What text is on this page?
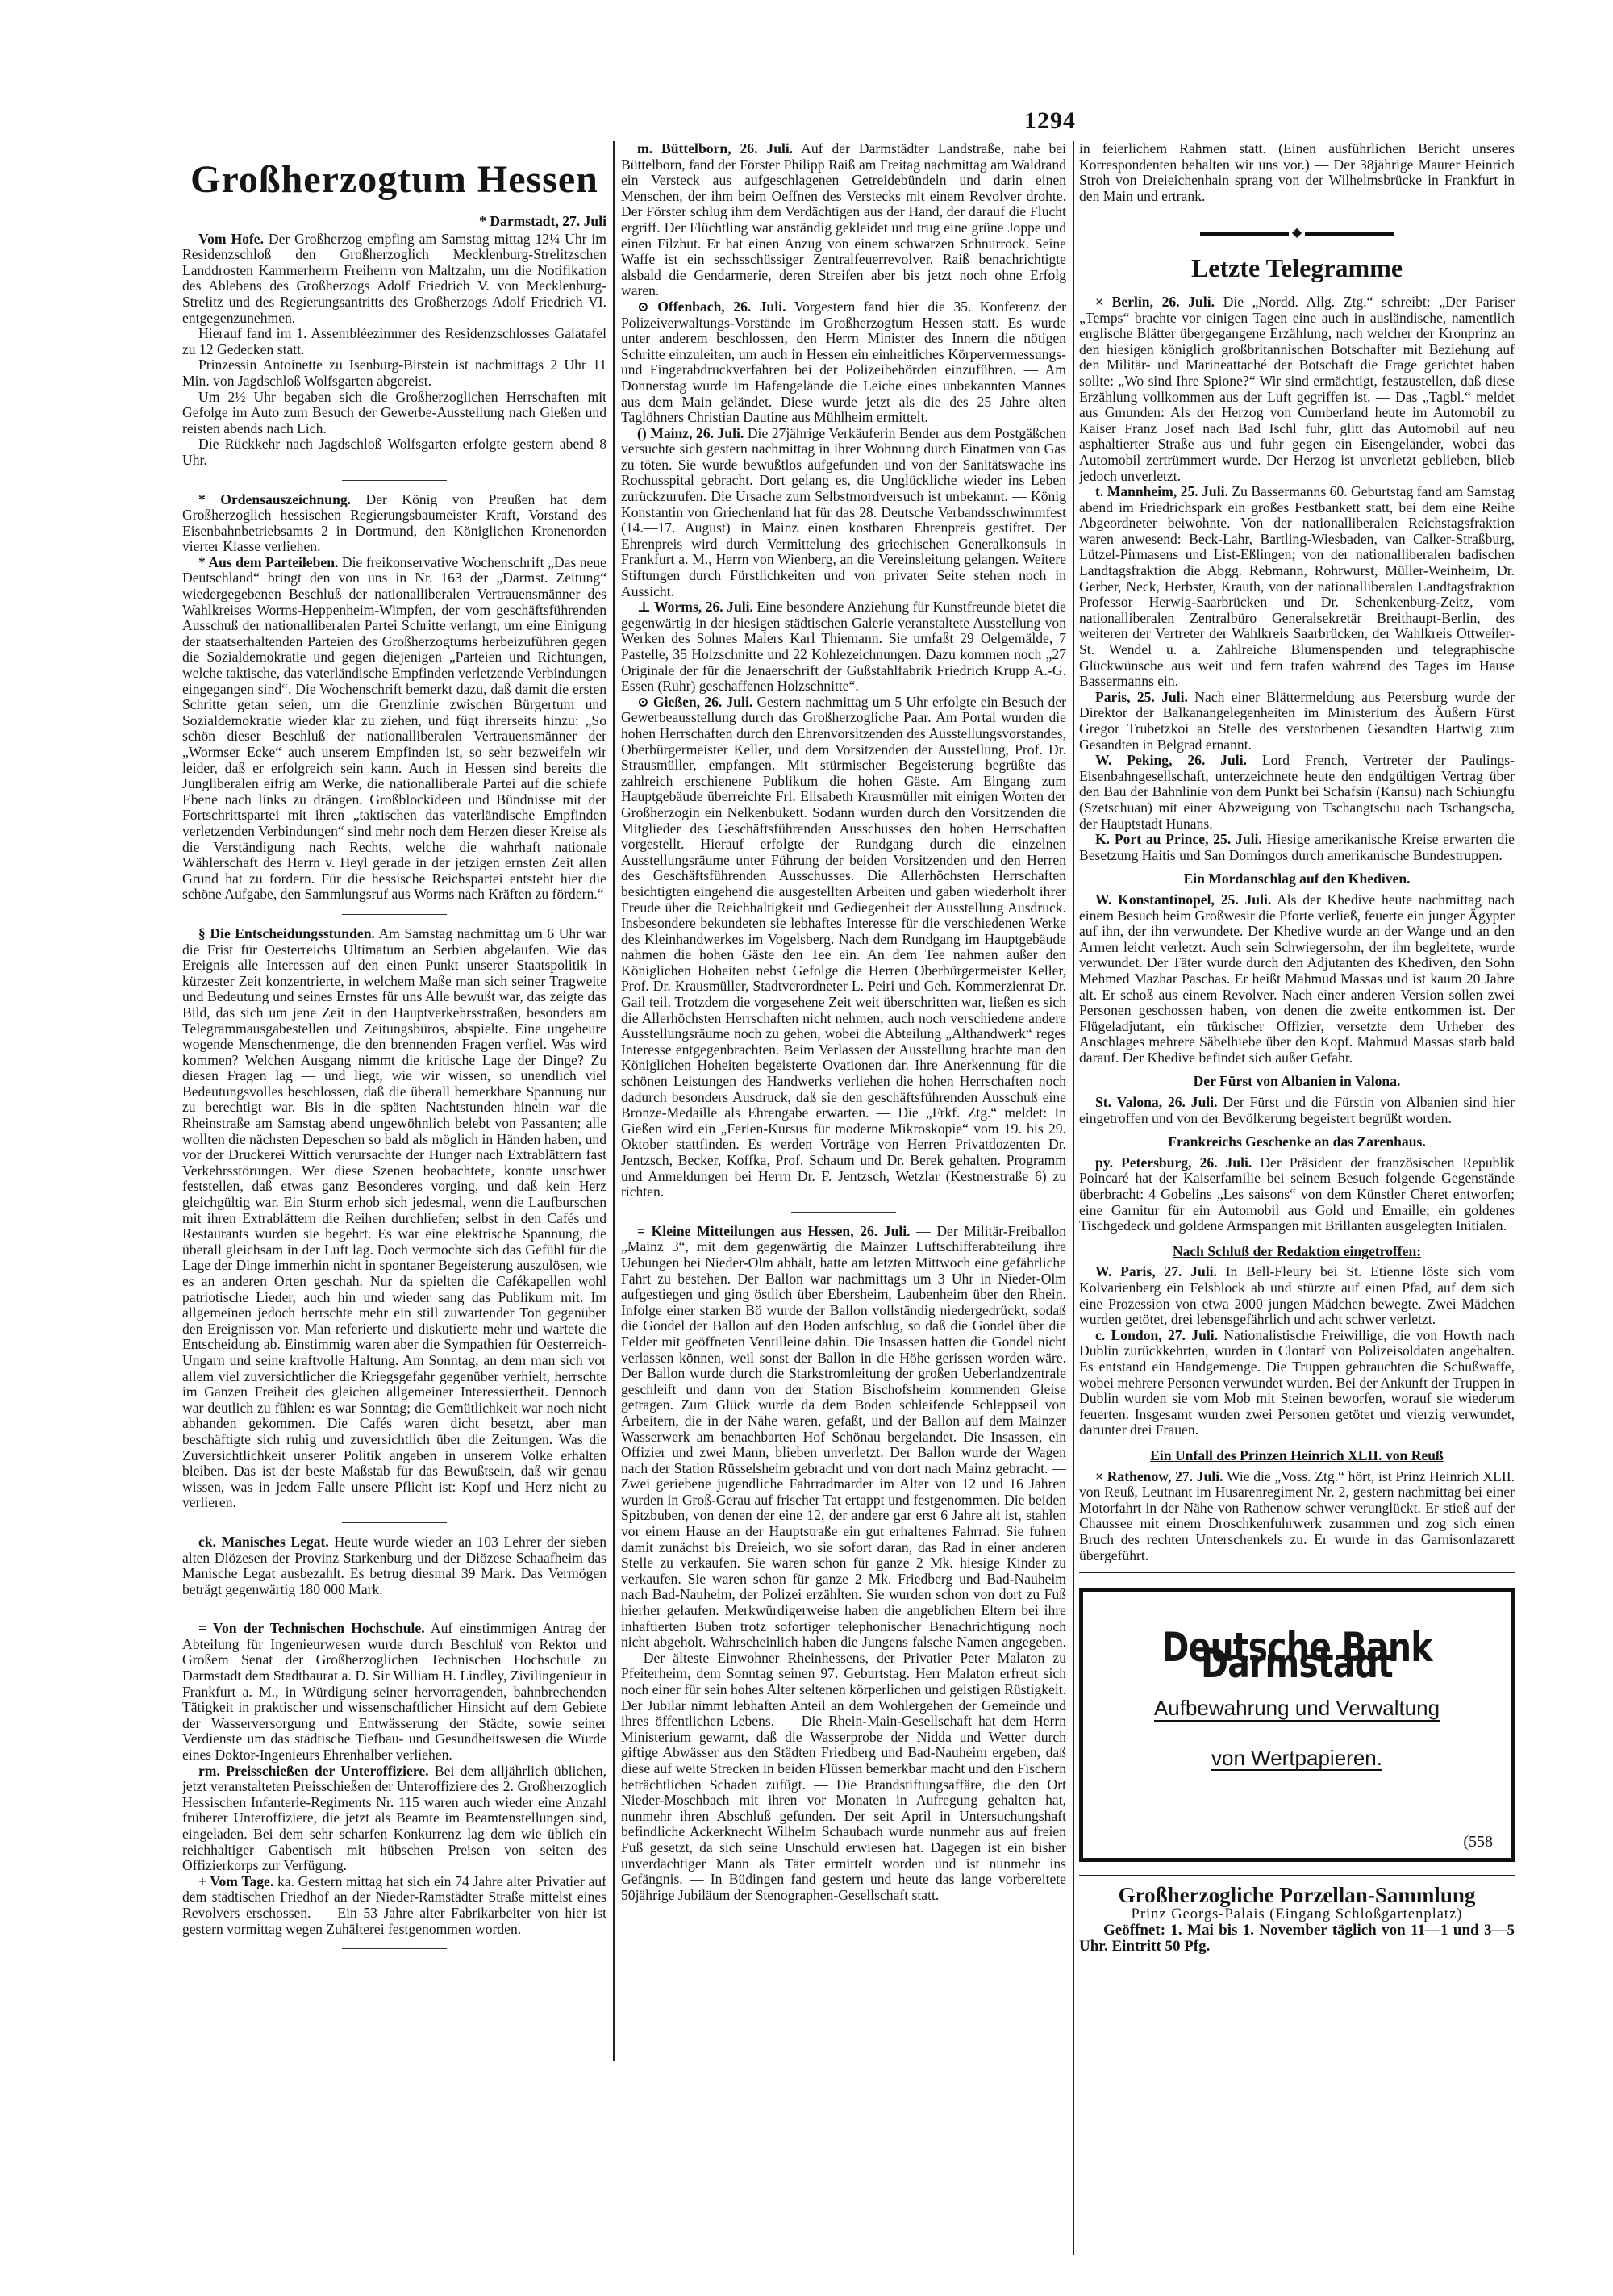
1294
Großherzogtum Hessen
* Darmstadt, 27. Juli

Vom Hofe. Der Großherzog empfing am Samstag mittag 12¼ Uhr im Residenzschloß den Großherzoglich Mecklenburg-Strelitzschen Landdrosten Kammerherrn Freiherrn von Maltzahn, um die Notifikation des Ablebens des Großherzogs Adolf Friedrich V. von Mecklenburg-Strelitz und des Regierungsantritts des Großherzogs Adolf Friedrich VI. entgegenzunehmen.

Hierauf fand im 1. Assembléezimmer des Residenzschlosses Galatafel zu 12 Gedecken statt.

Prinzessin Antoinette zu Isenburg-Birstein ist nachmittags 2 Uhr 11 Min. von Jagdschloß Wolfsgarten abgereist.

Um 2½ Uhr begaben sich die Großherzoglichen Herrschaften mit Gefolge im Auto zum Besuch der Gewerbe-Ausstellung nach Gießen und reisten abends nach Lich.

Die Rückkehr nach Jagdschloß Wolfsgarten erfolgte gestern abend 8 Uhr.

* Ordensauszeichnung. Der König von Preußen hat dem Großherzoglich hessischen Regierungsbaumeister Kraft, Vorstand des Eisenbahnbetriebsamts 2 in Dortmund, den Königlichen Kronenorden vierter Klasse verliehen.

* Aus dem Parteileben. Die freikonservative Wochenschrift „Das neue Deutschland“ bringt den von uns in Nr. 163 der „Darmst. Zeitung“ wiedergegebenen Beschluß der nationalliberalen Vertrauensmänner des Wahlkreises Worms-Heppenheim-Wimpfen, der vom geschäftsführenden Ausschuß der nationalliberalen Partei Schritte verlangt, um eine Einigung der staatserhaltenden Parteien des Großherzogtums herbeizuführen gegen die Sozialdemokratie und gegen diejenigen „Parteien und Richtungen, welche taktische, das vaterländische Empfinden verletzende Verbindungen eingegangen sind“. Die Wochenschrift bemerkt dazu, daß damit die ersten Schritte getan seien, um die Grenzlinie zwischen Bürgertum und Sozialdemokratie wieder klar zu ziehen, und fügt ihrerseits hinzu: „So schön dieser Beschluß der nationalliberalen Vertrauensmänner der „Wormser Ecke“ auch unserem Empfinden ist, so sehr bezweifeln wir leider, daß er erfolgreich sein kann. Auch in Hessen sind bereits die Jungliberalen eifrig am Werke, die nationalliberale Partei auf die schiefe Ebene nach links zu drängen. Großblockideen und Bündnisse mit der Fortschrittspartei mit ihren „taktischen das vaterländische Empfinden verletzenden Verbindungen“ sind mehr noch dem Herzen dieser Kreise als die Verständigung nach Rechts, welche die wahrhaft nationale Wählerschaft des Herrn v. Heyl gerade in der jetzigen ernsten Zeit allen Grund hat zu fordern. Für die hessische Reichspartei entsteht hier die schöne Aufgabe, den Sammlungsruf aus Worms nach Kräften zu fördern.“

§ Die Entscheidungsstunden. Am Samstag nachmittag um 6 Uhr war die Frist für Oesterreichs Ultimatum an Serbien abgelaufen. Wie das Ereignis alle Interessen auf den einen Punkt unserer Staatspolitik in kürzester Zeit konzentrierte, in welchem Maße man sich seiner Tragweite und Bedeutung und seines Ernstes für uns Alle bewußt war, das zeigte das Bild, das sich um jene Zeit in den Hauptverkehrsstraßen, besonders am Telegrammausgabestellen und Zeitungsbüros, abspielte. Eine ungeheure wogende Menschenmenge, die den brennenden Fragen verfiel. Was wird kommen? Welchen Ausgang nimmt die kritische Lage der Dinge? Zu diesen Fragen lag — und liegt, wie wir wissen, so unendlich viel Bedeutungsvolles beschlossen, daß die überall bemerkbare Spannung nur zu berechtigt war. Bis in die späten Nachtstunden hinein war die Rheinstraße am Samstag abend ungewöhnlich belebt von Passanten; alle wollten die nächsten Depeschen so bald als möglich in Händen haben, und vor der Druckerei Wittich verursachte der Hunger nach Extrablättern fast Verkehrsstörungen. Wer diese Szenen beobachtete, konnte unschwer feststellen, daß etwas ganz Besonderes vorging, und daß kein Herz gleichgültig war. Ein Sturm erhob sich jedesmal, wenn die Laufburschen mit ihren Extrablättern die Reihen durchliefen; selbst in den Cafés und Restaurants wurden sie begehrt. Es war eine elektrische Spannung, die überall gleichsam in der Luft lag. Doch vermochte sich das Gefühl für die Lage der Dinge immerhin nicht in spontaner Begeisterung auszulösen, wie es an anderen Orten geschah. Nur da spielten die Cafékapellen wohl patriotische Lieder, auch hin und wieder sang das Publikum mit. Im allgemeinen jedoch herrschte mehr ein still zuwartender Ton gegenüber den Ereignissen vor. Man referierte und diskutierte mehr und wartete die Entscheidung ab. Einstimmig waren aber die Sympathien für Oesterreich-Ungarn und seine kraftvolle Haltung. Am Sonntag, an dem man sich vor allem viel zuversichtlicher die Kriegsgefahr gegenüber verhielt, herrschte im Ganzen Freiheit des gleichen allgemeiner Interessiertheit. Dennoch war deutlich zu fühlen: es war Sonntag; die Gemütlichkeit war noch nicht abhanden gekommen. Die Cafés waren dicht besetzt, aber man beschäftigte sich ruhig und zuversichtlich über die Zeitungen. Was die Zuversichtlichkeit unserer Politik angeben in unserem Volke erhalten bleiben. Das ist der beste Maßstab für das Bewußtsein, daß wir genau wissen, was in jedem Falle unsere Pflicht ist: Kopf und Herz nicht zu verlieren.

ck. Manisches Legat. Heute wurde wieder an 103 Lehrer der sieben alten Diözesen der Provinz Starkenburg und der Diözese Schaafheim das Manische Legat ausbezahlt. Es betrug diesmal 39 Mark. Das Vermögen beträgt gegenwärtig 180 000 Mark.

= Von der Technischen Hochschule. Auf einstimmigen Antrag der Abteilung für Ingenieurwesen wurde durch Beschluß von Rektor und Großem Senat der Großherzoglichen Technischen Hochschule zu Darmstadt dem Stadtbaurat a. D. Sir William H. Lindley, Zivilingenieur in Frankfurt a. M., in Würdigung seiner hervorragenden, bahnbrechenden Tätigkeit in praktischer und wissenschaftlicher Hinsicht auf dem Gebiete der Wasserversorgung und Entwässerung der Städte, sowie seiner Verdienste um das städtische Tiefbau- und Gesundheitswesen die Würde eines Doktor-Ingenieurs Ehrenhalber verliehen.

rm. Preisschießen der Unteroffiziere. Bei dem alljährlich üblichen, jetzt veranstalteten Preisschießen der Unteroffiziere des 2. Großherzoglich Hessischen Infanterie-Regiments Nr. 115 waren auch wieder eine Anzahl früherer Unteroffiziere, die jetzt als Beamte im Beamtenstellungen sind, eingeladen. Bei dem sehr scharfen Konkurrenz lag dem wie üblich ein reichhaltiger Gabentisch mit hübschen Preisen von seiten des Offizierkorps zur Verfügung.

+ Vom Tage. ka. Gestern mittag hat sich ein 74 Jahre alter Privatier auf dem städtischen Friedhof an der Nieder-Ramstädter Straße mittelst eines Revolvers erschossen. — Ein 53 Jahre alter Fabrikarbeiter von hier ist gestern vormittag wegen Zuhälterei festgenommen worden.

m. Büttelborn, 26. Juli. Auf der Darmstädter Landstraße, nahe bei Büttelborn, fand der Förster Philipp Raiß am Freitag nachmittag am Waldrand ein Versteck aus aufgeschlagenen Getreidebündeln und darin einen Menschen, der ihm beim Oeffnen des Verstecks mit einem Revolver drohte. Der Förster schlug ihm dem Verdächtigen aus der Hand, der darauf die Flucht ergriff. Der Flüchtling war anständig gekleidet und trug eine grüne Joppe und einen Filzhut. Er hat einen Anzug von einem schwarzen Schnurrock. Seine Waffe ist ein sechsschüssiger Zentralfeuerrevolver. Raiß benachrichtigte alsbald die Gendarmerie, deren Streifen aber bis jetzt noch ohne Erfolg waren.

⊙ Offenbach, 26. Juli. Vorgestern fand hier die 35. Konferenz der Polizeiverwaltungs-Vorstände im Großherzogtum Hessen statt. Es wurde unter anderem beschlossen, den Herrn Minister des Innern die nötigen Schritte einzuleiten, um auch in Hessen ein einheitliches Körpervermessungs- und Fingerabdruckverfahren bei der Polizeibehörden einzuführen. — Am Donnerstag wurde im Hafengelände die Leiche eines unbekannten Mannes aus dem Main geländet. Diese wurde jetzt als die des 25 Jahre alten Taglöhners Christian Dautine aus Mühlheim ermittelt.

() Mainz, 26. Juli. Die 27jährige Verkäuferin Bender aus dem Postgäßchen versuchte sich gestern nachmittag in ihrer Wohnung durch Einatmen von Gas zu töten. Sie wurde bewußtlos aufgefunden und von der Sanitätswache ins Rochusspital gebracht. Dort gelang es, die Unglückliche wieder ins Leben zurückzurufen. Die Ursache zum Selbstmordversuch ist unbekannt. — König Konstantin von Griechenland hat für das 28. Deutsche Verbandsschwimmfest (14.—17. August) in Mainz einen kostbaren Ehrenpreis gestiftet. Der Ehrenpreis wird durch Vermittelung des griechischen Generalkonsuls in Frankfurt a. M., Herrn von Wienberg, an die Vereinsleitung gelangen. Weitere Stiftungen durch Fürstlichkeiten und von privater Seite stehen noch in Aussicht.

⊥ Worms, 26. Juli. Eine besondere Anziehung für Kunstfreunde bietet die gegenwärtig in der hiesigen städtischen Galerie veranstaltete Ausstellung von Werken des Sohnes Malers Karl Thiemann. Sie umfaßt 29 Oelgemälde, 7 Pastelle, 35 Holzschnitte und 22 Kohlezeichnungen. Dazu kommen noch „27 Originale der für die Jenaerschrift der Gußstahlfabrik Friedrich Krupp A.-G. Essen (Ruhr) geschaffenen Holzschnitte“.

⊙ Gießen, 26. Juli. Gestern nachmittag um 5 Uhr erfolgte ein Besuch der Gewerbeausstellung durch das Großherzogliche Paar. Am Portal wurden die hohen Herrschaften durch den Ehrenvorsitzenden des Ausstellungsvorstandes, Oberbürgermeister Keller, und dem Vorsitzenden der Ausstellung, Prof. Dr. Strausmüller, empfangen. Mit stürmischer Begeisterung begrüßte das zahlreich erschienene Publikum die hohen Gäste. Am Eingang zum Hauptgebäude überreichte Frl. Elisabeth Krausmüller mit einigen Worten der Großherzogin ein Nelkenbukett. Sodann wurden durch den Vorsitzenden die Mitglieder des Geschäftsführenden Ausschusses den hohen Herrschaften vorgestellt. Hierauf erfolgte der Rundgang durch die einzelnen Ausstellungsräume unter Führung der beiden Vorsitzenden und den Herren des Geschäftsführenden Ausschusses. Die Allerhöchsten Herrschaften besichtigten eingehend die ausgestellten Arbeiten und gaben wiederholt ihrer Freude über die Reichhaltigkeit und Gediegenheit der Ausstellung Ausdruck. Insbesondere bekundeten sie lebhaftes Interesse für die verschiedenen Werke des Kleinhandwerkes im Vogelsberg. Nach dem Rundgang im Hauptgebäude nahmen die hohen Gäste den Tee ein. An dem Tee nahmen außer den Königlichen Hoheiten nebst Gefolge die Herren Oberbürgermeister Keller, Prof. Dr. Krausmüller, Stadtverordneter L. Peiri und Geh. Kommerzienrat Dr. Gail teil. Trotzdem die vorgesehene Zeit weit überschritten war, ließen es sich die Allerhöchsten Herrschaften nicht nehmen, auch noch verschiedene andere Ausstellungsräume noch zu gehen, wobei die Abteilung „Althandwerk“ reges Interesse entgegenbrachten. Beim Verlassen der Ausstellung brachte man den Königlichen Hoheiten begeisterte Ovationen dar. Ihre Anerkennung für die schönen Leistungen des Handwerks verliehen die hohen Herrschaften noch dadurch besonders Ausdruck, daß sie den geschäftsführenden Ausschuß eine Bronze-Medaille als Ehrengabe erwarten. — Die „Frkf. Ztg.“ meldet: In Gießen wird ein „Ferien-Kursus für moderne Mikroskopie“ vom 19. bis 29. Oktober stattfinden. Es werden Vorträge von Herren Privatdozenten Dr. Jentzsch, Becker, Koffka, Prof. Schaum und Dr. Berek gehalten. Programm und Anmeldungen bei Herrn Dr. F. Jentzsch, Wetzlar (Kestnerstraße 6) zu richten.

= Kleine Mitteilungen aus Hessen, 26. Juli. — Der Militär-Freiballon „Mainz 3“, mit dem gegenwärtig die Mainzer Luftschifferabteilung ihre Uebungen bei Nieder-Olm abhält, hatte am letzten Mittwoch eine gefährliche Fahrt zu bestehen. Der Ballon war nachmittags um 3 Uhr in Nieder-Olm aufgestiegen und ging östlich über Ebersheim, Laubenheim über den Rhein. Infolge einer starken Bö wurde der Ballon vollständig niedergedrückt, sodaß die Gondel der Ballon auf den Boden aufschlug, so daß die Gondel über die Felder mit geöffneten Ventilleine dahin. Die Insassen hatten die Gondel nicht verlassen können, weil sonst der Ballon in die Höhe gerissen worden wäre. Der Ballon wurde durch die Starkstromleitung der großen Ueberlandzentrale geschleift und dann von der Station Bischofsheim kommenden Gleise getragen. Zum Glück wurde da dem Boden schleifende Schleppseil von Arbeitern, die in der Nähe waren, gefaßt, und der Ballon auf dem Mainzer Wasserwerk am benachbarten Hof Schönau bergelandet. Die Insassen, ein Offizier und zwei Mann, blieben unverletzt. Der Ballon wurde der Wagen nach der Station Rüsselsheim gebracht und von dort nach Mainz gebracht. — Zwei geriebene jugendliche Fahrradmarder im Alter von 12 und 16 Jahren wurden in Groß-Gerau auf frischer Tat ertappt und festgenommen. Die beiden Spitzbuben, von denen der eine 12, der andere gar erst 6 Jahre alt ist, stahlen vor einem Hause an der Hauptstraße ein gut erhaltenes Fahrrad. Sie fuhren damit zunächst bis Dreieich, wo sie sofort daran, das Rad in einer anderen Stelle zu verkaufen. Sie waren schon für ganze 2 Mk. hiesige Kinder zu verkaufen. Sie waren schon für ganze 2 Mk. Friedberg und Bad-Nauheim nach Bad-Nauheim, der Polizei erzählten. Sie wurden schon von dort zu Fuß hierher gelaufen. Merkwürdigerweise haben die angeblichen Eltern bei ihre inhaftierten Buben trotz sofortiger telephonischer Benachrichtigung noch nicht abgeholt. Wahrscheinlich haben die Jungens falsche Namen angegeben. — Der älteste Einwohner Rheinhessens, der Privatier Peter Malaton zu Pfeiterheim, dem Sonntag seinen 97. Geburtstag. Herr Malaton erfreut sich noch einer für sein hohes Alter seltenen körperlichen und geistigen Rüstigkeit. Der Jubilar nimmt lebhaften Anteil an dem Wohlergehen der Gemeinde und ihres öffentlichen Lebens. — Die Rhein-Main-Gesellschaft hat dem Herrn Ministerium gewarnt, daß die Wasserprobe der Nidda und Wetter durch giftige Abwässer aus den Städten Friedberg und Bad-Nauheim ergeben, daß diese auf weite Strecken in beiden Flüssen bemerkbar macht und den Fischern beträchtlichen Schaden zufügt. — Die Brandstiftungsaffäre, die den Ort Nieder-Moschbach mit ihren vor Monaten in Aufregung gehalten hat, nunmehr ihren Abschluß gefunden. Der seit April in Untersuchungshaft befindliche Ackerknecht Wilhelm Schaubach wurde nunmehr aus auf freien Fuß gesetzt, da sich seine Unschuld erwiesen hat. Dagegen ist ein bisher unverdächtiger Mann als Täter ermittelt worden und ist nunmehr ins Gefängnis. — In Büdingen fand gestern und heute das lange vorbereitete 50jährige Jubiläum der Stenographen-Gesellschaft statt.

in feierlichem Rahmen statt. (Einen ausführlichen Bericht unseres Korrespondenten behalten wir uns vor.) — Der 38jährige Maurer Heinrich Stroh von Dreieichenhain sprang von der Wilhelmsbrücke in Frankfurt in den Main und ertrank.

◆
Letzte Telegramme

× Berlin, 26. Juli. Die „Nordd. Allg. Ztg.“ schreibt: „Der Pariser „Temps“ brachte vor einigen Tagen eine auch in ausländische, namentlich englische Blätter übergegangene Erzählung, nach welcher der Kronprinz an den hiesigen königlich großbritannischen Botschafter mit Beziehung auf den Militär- und Marineattaché der Botschaft die Frage gerichtet haben sollte: „Wo sind Ihre Spione?“ Wir sind ermächtigt, festzustellen, daß diese Erzählung vollkommen aus der Luft gegriffen ist. — Das „Tagbl.“ meldet aus Gmunden: Als der Herzog von Cumberland heute im Automobil zu Kaiser Franz Josef nach Bad Ischl fuhr, glitt das Automobil auf neu asphaltierter Straße aus und fuhr gegen ein Eisengeländer, wobei das Automobil zertrümmert wurde. Der Herzog ist unverletzt geblieben, blieb jedoch unverletzt.

t. Mannheim, 25. Juli. Zu Bassermanns 60. Geburtstag fand am Samstag abend im Friedrichspark ein großes Festbankett statt, bei dem eine Reihe Abgeordneter beiwohnte. Von der nationalliberalen Reichstagsfraktion waren anwesend: Beck-Lahr, Bartling-Wiesbaden, van Calker-Straßburg, Lützel-Pirmasens und List-Eßlingen; von der nationalliberalen badischen Landtagsfraktion die Abgg. Rebmann, Rohrwurst, Müller-Weinheim, Dr. Gerber, Neck, Herbster, Krauth, von der nationalliberalen Landtagsfraktion Professor Herwig-Saarbrücken und Dr. Schenkenburg-Zeitz, vom nationalliberalen Zentralbüro Generalsekretär Breithaupt-Berlin, des weiteren der Vertreter der Wahlkreis Saarbrücken, der Wahlkreis Ottweiler-St. Wendel u. a. Zahlreiche Blumenspenden und telegraphische Glückwünsche aus weit und fern trafen während des Tages im Hause Bassermanns ein.

Paris, 25. Juli. Nach einer Blättermeldung aus Petersburg wurde der Direktor der Balkanangelegenheiten im Ministerium des Äußern Fürst Gregor Trubetzkoi an Stelle des verstorbenen Gesandten Hartwig zum Gesandten in Belgrad ernannt.

W. Peking, 26. Juli. Lord French, Vertreter der Paulings-Eisenbahngesellschaft, unterzeichnete heute den endgültigen Vertrag über den Bau der Bahnlinie von dem Punkt bei Schafsin (Kansu) nach Schiungfu (Szetschuan) mit einer Abzweigung von Tschangtschu nach Tschangscha, der Hauptstadt Hunans.

K. Port au Prince, 25. Juli. Hiesige amerikanische Kreise erwarten die Besetzung Haitis und San Domingos durch amerikanische Bundestruppen.

Ein Mordanschlag auf den Khediven.

W. Konstantinopel, 25. Juli. Als der Khedive heute nachmittag nach einem Besuch beim Großwesir die Pforte verließ, feuerte ein junger Ägypter auf ihn, der ihn verwundete. Der Khedive wurde an der Wange und an den Armen leicht verletzt. Auch sein Schwiegersohn, der ihn begleitete, wurde verwundet. Der Täter wurde durch den Adjutanten des Khediven, den Sohn Mehmed Mazhar Paschas. Er heißt Mahmud Massas und ist kaum 20 Jahre alt. Er schoß aus einem Revolver. Nach einer anderen Version sollen zwei Personen geschossen haben, von denen die zweite entkommen ist. Der Flügeladjutant, ein türkischer Offizier, versetzte dem Urheber des Anschlages mehrere Säbelhiebe über den Kopf. Mahmud Massas starb bald darauf. Der Khedive befindet sich außer Gefahr.

Der Fürst von Albanien in Valona.

St. Valona, 26. Juli. Der Fürst und die Fürstin von Albanien sind hier eingetroffen und von der Bevölkerung begeistert begrüßt worden.

Frankreichs Geschenke an das Zarenhaus.

py. Petersburg, 26. Juli. Der Präsident der französischen Republik Poincaré hat der Kaiserfamilie bei seinem Besuch folgende Gegenstände überbracht: 4 Gobelins „Les saisons“ von dem Künstler Cheret entworfen; eine Garnitur für ein Automobil aus Gold und Emaille; ein goldenes Tischgedeck und goldene Armspangen mit Brillanten ausgelegten Initialen.

Nach Schluß der Redaktion eingetroffen:

W. Paris, 27. Juli. In Bell-Fleury bei St. Etienne löste sich vom Kolvarienberg ein Felsblock ab und stürzte auf einen Pfad, auf dem sich eine Prozession von etwa 2000 jungen Mädchen bewegte. Zwei Mädchen wurden getötet, drei lebensgefährlich und acht schwer verletzt.

c. London, 27. Juli. Nationalistische Freiwillige, die von Howth nach Dublin zurückkehrten, wurden in Clontarf von Polizeisoldaten angehalten. Es entstand ein Handgemenge. Die Truppen gebrauchten die Schußwaffe, wobei mehrere Personen verwundet wurden. Bei der Ankunft der Truppen in Dublin wurden sie vom Mob mit Steinen beworfen, worauf sie wiederum feuerten. Insgesamt wurden zwei Personen getötet und vierzig verwundet, darunter drei Frauen.

Ein Unfall des Prinzen Heinrich XLII. von Reuß

× Rathenow, 27. Juli. Wie die „Voss. Ztg.“ hört, ist Prinz Heinrich XLII. von Reuß, Leutnant im Husarenregiment Nr. 2, gestern nachmittag bei einer Motorfahrt in der Nähe von Rathenow schwer verunglückt. Er stieß auf der Chaussee mit einem Droschkenfuhrwerk zusammen und zog sich einen Bruch des rechten Unterschenkels zu. Er wurde in das Garnisonlazarett übergeführt.

Deutsche Bank Darmstadt
Aufbewahrung und Verwaltung
von Wertpapieren.
(558
Großherzogliche Porzellan-Sammlung
Prinz Georgs-Palais (Eingang Schloßgartenplatz)
Geöffnet: 1. Mai bis 1. November täglich von 11—1 und 3—5 Uhr. Eintritt 50 Pfg.
